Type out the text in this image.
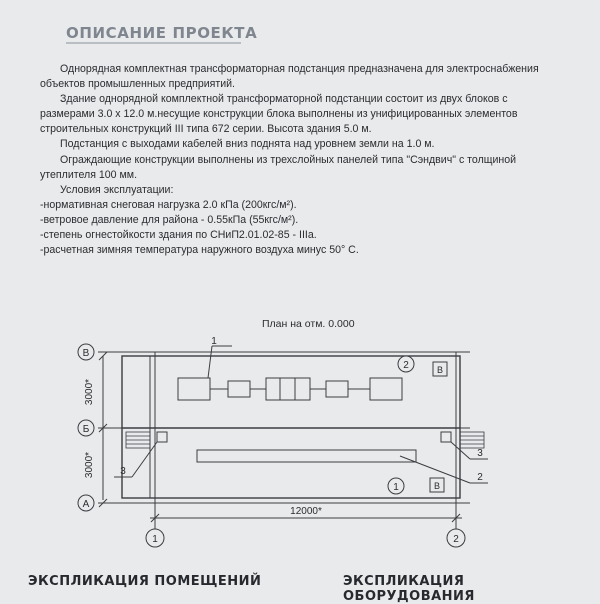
ОПИСАНИЕ ПРОЕКТА

Однорядная комплектная трансформаторная подстанция предназначена для электроснабжения объектов промышленных предприятий.

Здание однорядной комплектной трансформаторной подстанции состоит из двух блоков с размерами 3.0 х 12.0 м.несущие конструкции блока выполнены из унифицированных элементов строительных конструкций III типа 672 серии. Высота здания 5.0 м.

Подстанция с выходами кабелей вниз поднята над уровнем земли на 1.0 м.

Ограждающие конструкции выполнены из трехслойных панелей типа "Сэндвич" с толщиной утеплителя 100 мм.

Условия эксплуатации:

-нормативная снеговая нагрузка 2.0 кПа (200кгс/м²).

-ветровое давление для района - 0.55кПа (55кгс/м²).

-степень огнестойкости здания по СНиП2.01.02-85 - IIIa.

-расчетная зимняя температура наружного воздуха минус 50° С.

План на отм. 0.000
В
Б
А
1	2
2
1
В
В
1
2
3
3
12000*
3000*
3000*
ЭКСПЛИКАЦИЯ ПОМЕЩЕНИЙ	ЭКСПЛИКАЦИЯ ОБОРУДОВАНИЯ
